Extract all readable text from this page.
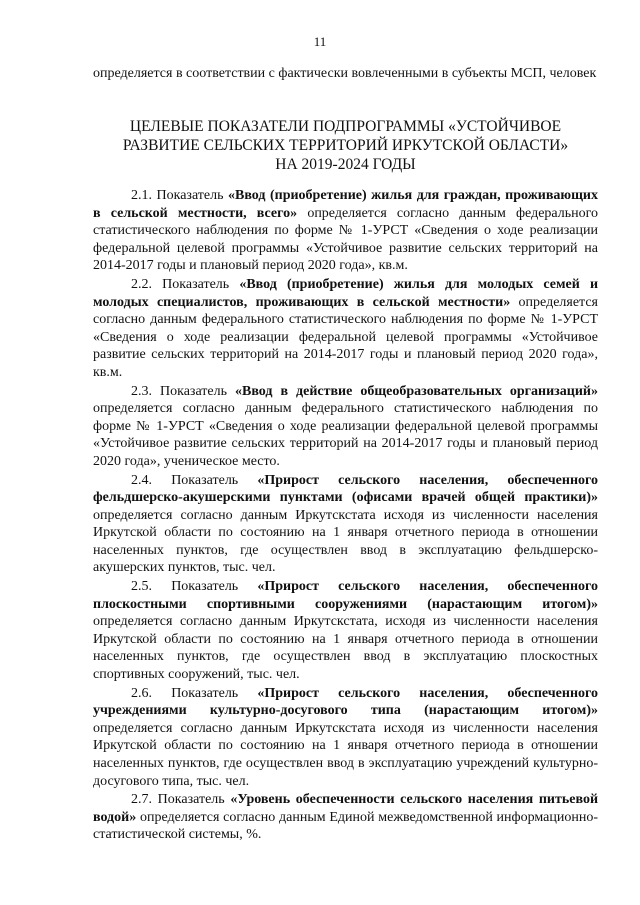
11
определяется в соответствии с фактически вовлеченными в субъекты МСП, человек
ЦЕЛЕВЫЕ ПОКАЗАТЕЛИ ПОДПРОГРАММЫ «УСТОЙЧИВОЕ
РАЗВИТИЕ СЕЛЬСКИХ ТЕРРИТОРИЙ ИРКУТСКОЙ ОБЛАСТИ»
НА 2019-2024 ГОДЫ

2.1. Показатель «Ввод (приобретение) жилья для граждан, проживающих в сельской местности, всего» определяется согласно данным федерального статистического наблюдения по форме № 1-УРСТ «Сведения о ходе реализации федеральной целевой программы «Устойчивое развитие сельских территорий на 2014-2017 годы и плановый период 2020 года», кв.м.

2.2. Показатель «Ввод (приобретение) жилья для молодых семей и молодых специалистов, проживающих в сельской местности» определяется согласно данным федерального статистического наблюдения по форме № 1-УРСТ «Сведения о ходе реализации федеральной целевой программы «Устойчивое развитие сельских территорий на 2014-2017 годы и плановый период 2020 года», кв.м.

2.3. Показатель «Ввод в действие общеобразовательных организаций» определяется согласно данным федерального статистического наблюдения по форме № 1-УРСТ «Сведения о ходе реализации федеральной целевой программы «Устойчивое развитие сельских территорий на 2014-2017 годы и плановый период 2020 года», ученическое место.

2.4. Показатель «Прирост сельского населения, обеспеченного фельдшерско-акушерскими пунктами (офисами врачей общей практики)» определяется согласно данным Иркутскстата исходя из численности населения Иркутской области по состоянию на 1 января отчетного периода в отношении населенных пунктов, где осуществлен ввод в эксплуатацию фельдшерско-акушерских пунктов, тыс. чел.

2.5. Показатель «Прирост сельского населения, обеспеченного плоскостными спортивными сооружениями (нарастающим итогом)» определяется согласно данным Иркутскстата, исходя из численности населения Иркутской области по состоянию на 1 января отчетного периода в отношении населенных пунктов, где осуществлен ввод в эксплуатацию плоскостных спортивных сооружений, тыс. чел.

2.6. Показатель «Прирост сельского населения, обеспеченного учреждениями культурно-досугового типа (нарастающим итогом)» определяется согласно данным Иркутскстата исходя из численности населения Иркутской области по состоянию на 1 января отчетного периода в отношении населенных пунктов, где осуществлен ввод в эксплуатацию учреждений культурно-досугового типа, тыс. чел.

2.7. Показатель «Уровень обеспеченности сельского населения питьевой водой» определяется согласно данным Единой межведомственной информационно-статистической системы, %.
